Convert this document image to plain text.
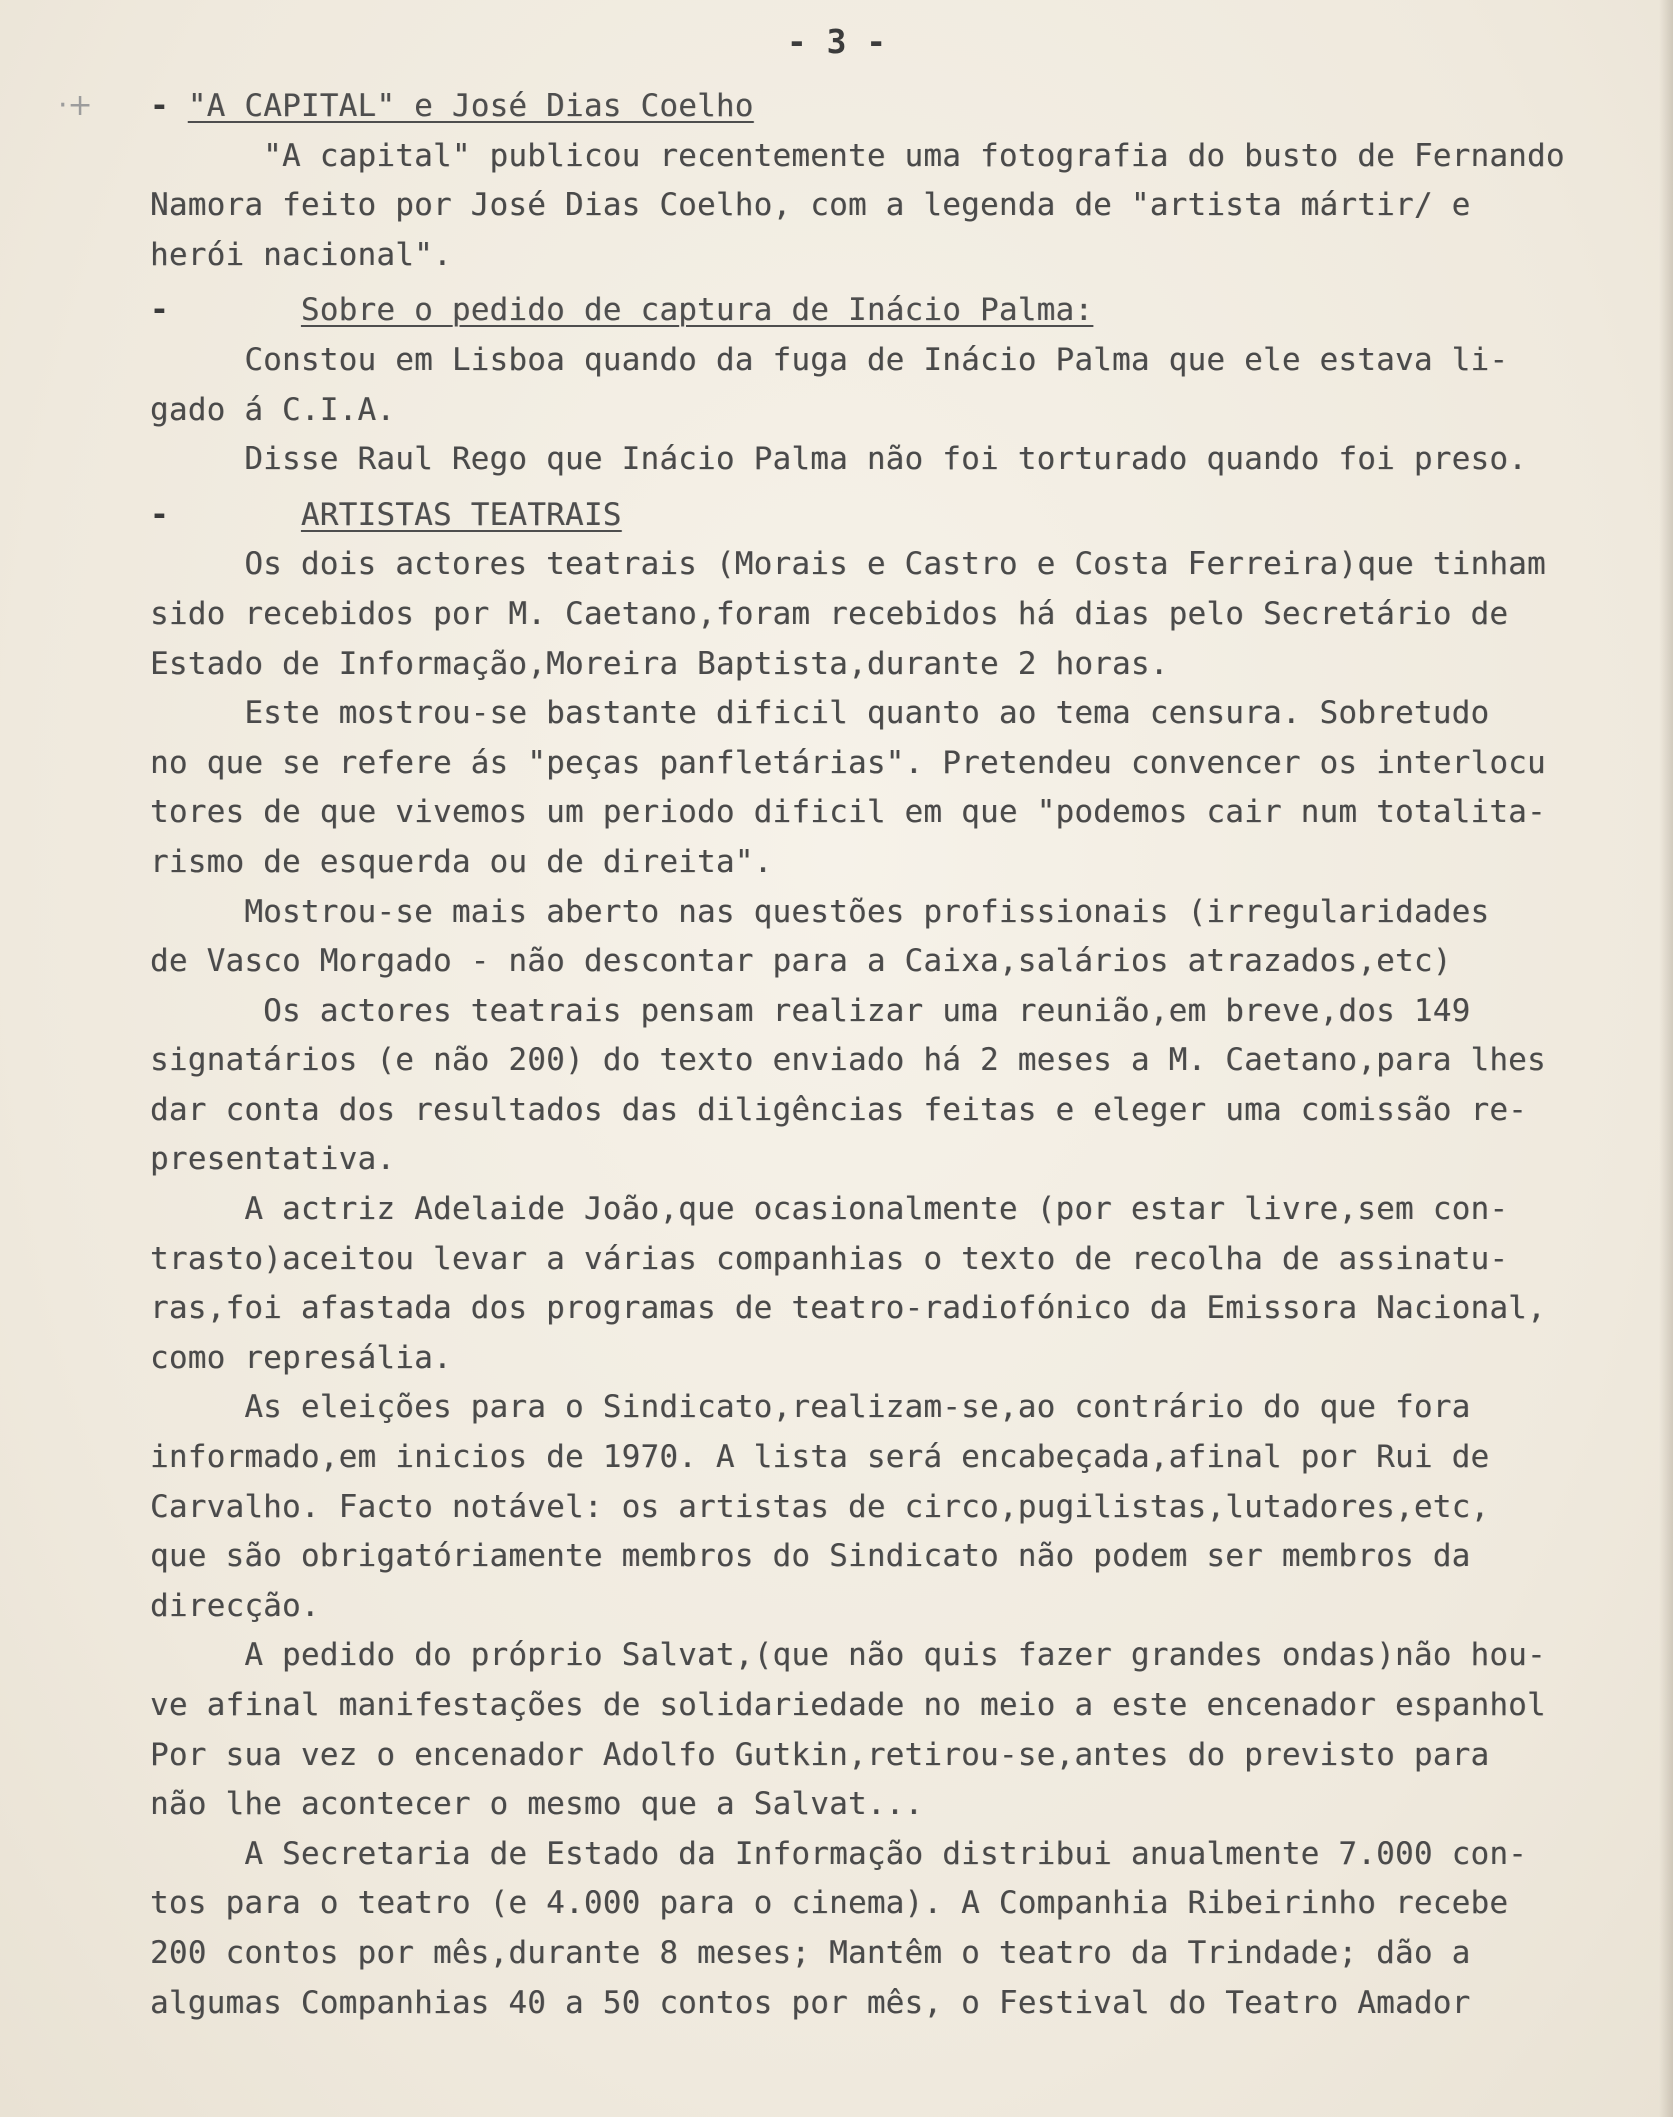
- 3 -
·+ - "A CAPITAL" e José Dias Coelho
"A capital" publicou recentemente uma fotografia do busto de Fernando
Namora feito por José Dias Coelho, com a legenda de "artista mártir/ e
herói nacional".
-	Sobre o pedido de captura de Inácio Palma:
Constou em Lisboa quando da fuga de Inácio Palma que ele estava li-
gado á C.I.A.
Disse Raul Rego que Inácio Palma não foi torturado quando foi preso.
-	ARTISTAS TEATRAIS
Os dois actores teatrais (Morais e Castro e Costa Ferreira)que tinham
sido recebidos por M. Caetano,foram recebidos há dias pelo Secretário de
Estado de Informação,Moreira Baptista,durante 2 horas.
Este mostrou-se bastante dificil quanto ao tema censura. Sobretudo
no que se refere ás "peças panfletárias". Pretendeu convencer os interlocu
tores de que vivemos um periodo dificil em que "podemos cair num totalita-
rismo de esquerda ou de direita".
Mostrou-se mais aberto nas questões profissionais (irregularidades
de Vasco Morgado - não descontar para a Caixa,salários atrazados,etc)
Os actores teatrais pensam realizar uma reunião,em breve,dos 149
signatários (e não 200) do texto enviado há 2 meses a M. Caetano,para lhes
dar conta dos resultados das diligências feitas e eleger uma comissão re-
presentativa.
A actriz Adelaide João,que ocasionalmente (por estar livre,sem con-
trasto)aceitou levar a várias companhias o texto de recolha de assinatu-
ras,foi afastada dos programas de teatro-radiofónico da Emissora Nacional,
como represália.
As eleições para o Sindicato,realizam-se,ao contrário do que fora
informado,em inicios de 1970. A lista será encabeçada,afinal por Rui de
Carvalho. Facto notável: os artistas de circo,pugilistas,lutadores,etc,
que são obrigatóriamente membros do Sindicato não podem ser membros da
direcção.
A pedido do próprio Salvat,(que não quis fazer grandes ondas)não hou-
ve afinal manifestações de solidariedade no meio a este encenador espanhol
Por sua vez o encenador Adolfo Gutkin,retirou-se,antes do previsto para
não lhe acontecer o mesmo que a Salvat...
A Secretaria de Estado da Informação distribui anualmente 7.000 con-
tos para o teatro (e 4.000 para o cinema). A Companhia Ribeirinho recebe
200 contos por mês,durante 8 meses; Mantêm o teatro da Trindade; dão a
algumas Companhias 40 a 50 contos por mês, o Festival do Teatro Amador
